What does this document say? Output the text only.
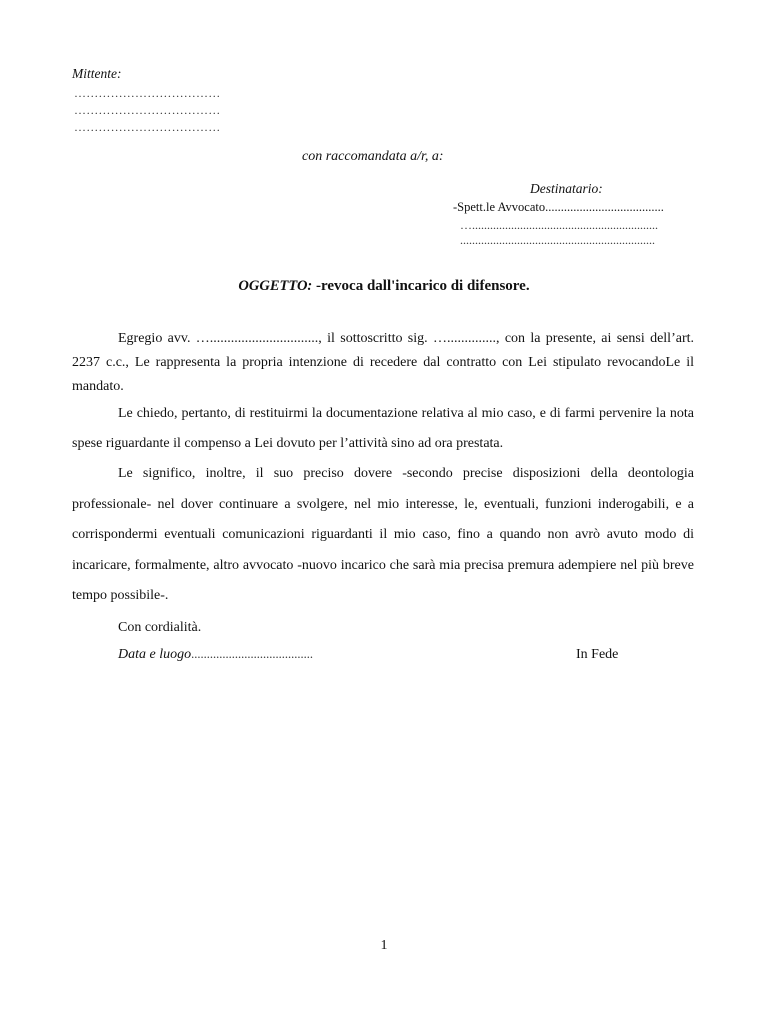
Mittente:
………………………………
………………………………
………………………………
con raccomandata a/r, a:
Destinatario:
-Spett.le Avvocato......................................
…..............................................................
.................................................................
OGGETTO: -revoca dall'incarico di difensore.

Egregio avv. …..............................., il sottoscritto sig. ….............., con la presente, ai sensi dell’art. 2237 c.c., Le rappresenta la propria intenzione di recedere dal contratto con Lei stipulato revocandoLe il mandato.

Le chiedo, pertanto, di restituirmi la documentazione relativa al mio caso, e di farmi pervenire la nota spese riguardante il compenso a Lei dovuto per l’attività sino ad ora prestata.

Le significo, inoltre, il suo preciso dovere -secondo precise disposizioni della deontologia professionale- nel dover continuare a svolgere, nel mio interesse, le, eventuali, funzioni inderogabili, e a corrispondermi eventuali comunicazioni riguardanti il mio caso, fino a quando non avrò avuto modo di incaricare, formalmente, altro avvocato -nuovo incarico che sarà mia precisa premura adempiere nel più breve tempo possibile-.

Con cordialità.

Data e luogo.......................................	In Fede
1
